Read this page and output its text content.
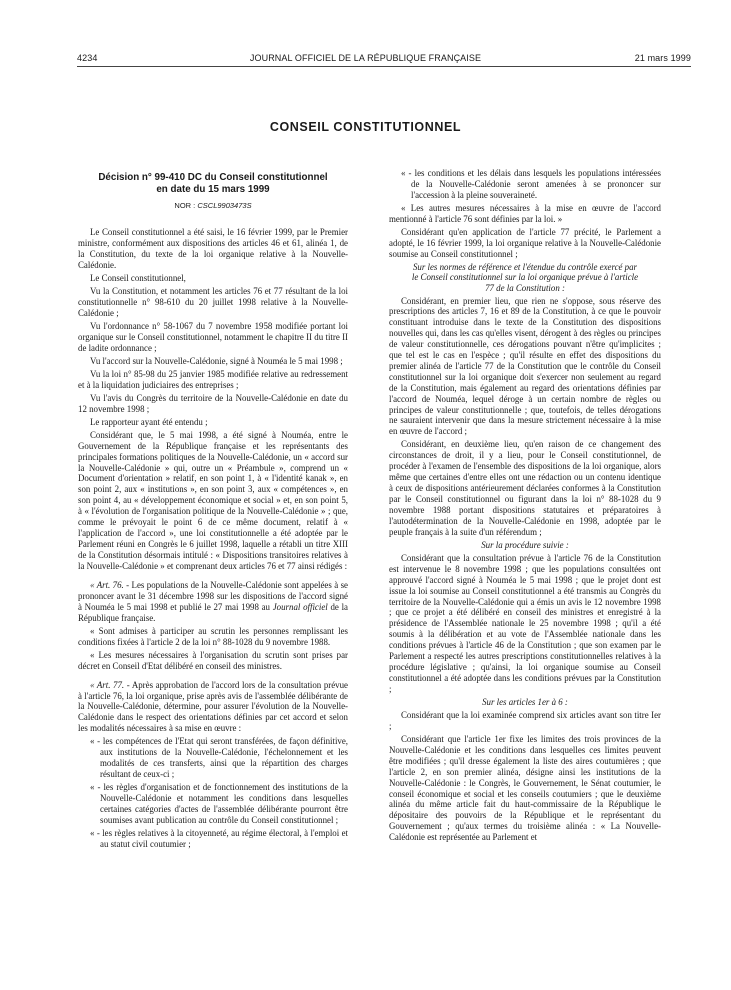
4234	JOURNAL OFFICIEL DE LA RÉPUBLIQUE FRANÇAISE	21 mars 1999
CONSEIL CONSTITUTIONNEL
Décision n° 99-410 DC du Conseil constitutionnel
en date du 15 mars 1999
NOR : CSCL9903473S

Le Conseil constitutionnel a été saisi, le 16 février 1999, par le Premier ministre, conformément aux dispositions des articles 46 et 61, alinéa 1, de la Constitution, du texte de la loi organique relative à la Nouvelle-Calédonie.

Le Conseil constitutionnel,

Vu la Constitution, et notamment les articles 76 et 77 résultant de la loi constitutionnelle n° 98-610 du 20 juillet 1998 relative à la Nouvelle-Calédonie ;

Vu l'ordonnance n° 58-1067 du 7 novembre 1958 modifiée portant loi organique sur le Conseil constitutionnel, notamment le chapitre II du titre II de ladite ordonnance ;

Vu l'accord sur la Nouvelle-Calédonie, signé à Nouméa le 5 mai 1998 ;

Vu la loi n° 85-98 du 25 janvier 1985 modifiée relative au redressement et à la liquidation judiciaires des entreprises ;

Vu l'avis du Congrès du territoire de la Nouvelle-Calédonie en date du 12 novembre 1998 ;

Le rapporteur ayant été entendu ;

Considérant que, le 5 mai 1998, a été signé à Nouméa, entre le Gouvernement de la République française et les représentants des principales formations politiques de la Nouvelle-Calédonie, un « accord sur la Nouvelle-Calédonie » qui, outre un « Préambule », comprend un « Document d'orientation » relatif, en son point 1, à « l'identité kanak », en son point 2, aux « institutions », en son point 3, aux « compétences », en son point 4, au « développement économique et social » et, en son point 5, à « l'évolution de l'organisation politique de la Nouvelle-Calédonie » ; que, comme le prévoyait le point 6 de ce même document, relatif à « l'application de l'accord », une loi constitutionnelle a été adoptée par le Parlement réuni en Congrès le 6 juillet 1998, laquelle a rétabli un titre XIII de la Constitution désormais intitulé : « Dispositions transitoires relatives à la Nouvelle-Calédonie » et comprenant deux articles 76 et 77 ainsi rédigés :

« Art. 76. - Les populations de la Nouvelle-Calédonie sont appelées à se prononcer avant le 31 décembre 1998 sur les dispositions de l'accord signé à Nouméa le 5 mai 1998 et publié le 27 mai 1998 au Journal officiel de la République française.

« Sont admises à participer au scrutin les personnes remplissant les conditions fixées à l'article 2 de la loi n° 88-1028 du 9 novembre 1988.

« Les mesures nécessaires à l'organisation du scrutin sont prises par décret en Conseil d'Etat délibéré en conseil des ministres.

« Art. 77. - Après approbation de l'accord lors de la consultation prévue à l'article 76, la loi organique, prise après avis de l'assemblée délibérante de la Nouvelle-Calédonie, détermine, pour assurer l'évolution de la Nouvelle-Calédonie dans le respect des orientations définies par cet accord et selon les modalités nécessaires à sa mise en œuvre :

« - les compétences de l'Etat qui seront transférées, de façon définitive, aux institutions de la Nouvelle-Calédonie, l'échelonnement et les modalités de ces transferts, ainsi que la répartition des charges résultant de ceux-ci ;

« - les règles d'organisation et de fonctionnement des institutions de la Nouvelle-Calédonie et notamment les conditions dans lesquelles certaines catégories d'actes de l'assemblée délibérante pourront être soumises avant publication au contrôle du Conseil constitutionnel ;

« - les règles relatives à la citoyenneté, au régime électoral, à l'emploi et au statut civil coutumier ;

« - les conditions et les délais dans lesquels les populations intéressées de la Nouvelle-Calédonie seront amenées à se prononcer sur l'accession à la pleine souveraineté.

« Les autres mesures nécessaires à la mise en œuvre de l'accord mentionné à l'article 76 sont définies par la loi. »

Considérant qu'en application de l'article 77 précité, le Parlement a adopté, le 16 février 1999, la loi organique relative à la Nouvelle-Calédonie soumise au Conseil constitutionnel ;

Sur les normes de référence et l'étendue du contrôle exercé par le Conseil constitutionnel sur la loi organique prévue à l'article 77 de la Constitution :

Considérant, en premier lieu, que rien ne s'oppose, sous réserve des prescriptions des articles 7, 16 et 89 de la Constitution, à ce que le pouvoir constituant introduise dans le texte de la Constitution des dispositions nouvelles qui, dans les cas qu'elles visent, dérogent à des règles ou principes de valeur constitutionnelle, ces dérogations pouvant n'être qu'implicites ; que tel est le cas en l'espèce ; qu'il résulte en effet des dispositions du premier alinéa de l'article 77 de la Constitution que le contrôle du Conseil constitutionnel sur la loi organique doit s'exercer non seulement au regard de la Constitution, mais également au regard des orientations définies par l'accord de Nouméa, lequel déroge à un certain nombre de règles ou principes de valeur constitutionnelle ; que, toutefois, de telles dérogations ne sauraient intervenir que dans la mesure strictement nécessaire à la mise en œuvre de l'accord ;

Considérant, en deuxième lieu, qu'en raison de ce changement des circonstances de droit, il y a lieu, pour le Conseil constitutionnel, de procéder à l'examen de l'ensemble des dispositions de la loi organique, alors même que certaines d'entre elles ont une rédaction ou un contenu identique à ceux de dispositions antérieurement déclarées conformes à la Constitution par le Conseil constitutionnel ou figurant dans la loi n° 88-1028 du 9 novembre 1988 portant dispositions statutaires et préparatoires à l'autodétermination de la Nouvelle-Calédonie en 1998, adoptée par le peuple français à la suite d'un référendum ;

Sur la procédure suivie :

Considérant que la consultation prévue à l'article 76 de la Constitution est intervenue le 8 novembre 1998 ; que les populations consultées ont approuvé l'accord signé à Nouméa le 5 mai 1998 ; que le projet dont est issue la loi soumise au Conseil constitutionnel a été transmis au Congrès du territoire de la Nouvelle-Calédonie qui a émis un avis le 12 novembre 1998 ; que ce projet a été délibéré en conseil des ministres et enregistré à la présidence de l'Assemblée nationale le 25 novembre 1998 ; qu'il a été soumis à la délibération et au vote de l'Assemblée nationale dans les conditions prévues à l'article 46 de la Constitution ; que son examen par le Parlement a respecté les autres prescriptions constitutionnelles relatives à la procédure législative ; qu'ainsi, la loi organique soumise au Conseil constitutionnel a été adoptée dans les conditions prévues par la Constitution ;

Sur les articles 1er à 6 :

Considérant que la loi examinée comprend six articles avant son titre Ier ;

Considérant que l'article 1er fixe les limites des trois provinces de la Nouvelle-Calédonie et les conditions dans lesquelles ces limites peuvent être modifiées ; qu'il dresse également la liste des aires coutumières ; que l'article 2, en son premier alinéa, désigne ainsi les institutions de la Nouvelle-Calédonie : le Congrès, le Gouvernement, le Sénat coutumier, le conseil économique et social et les conseils coutumiers ; que le deuxième alinéa du même article fait du haut-commissaire de la République le dépositaire des pouvoirs de la République et le représentant du Gouvernement ; qu'aux termes du troisième alinéa : « La Nouvelle-Calédonie est représentée au Parlement et
